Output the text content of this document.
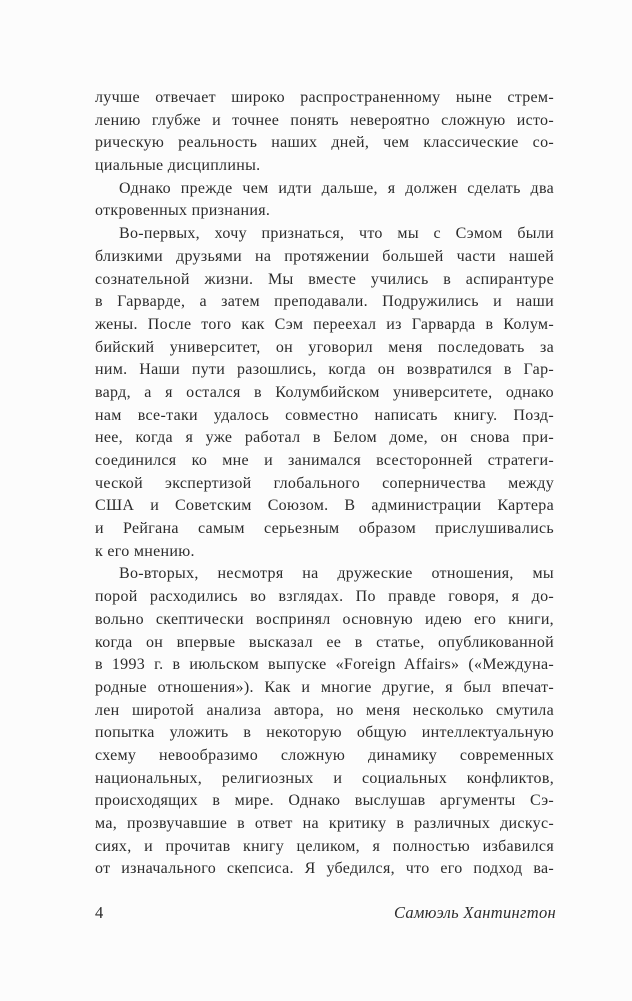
лучше отвечает широко распространенному ныне стрем-
лению глубже и точнее понять невероятно сложную исто-
рическую реальность наших дней, чем классические со-
циальные дисциплины.
Однако прежде чем идти дальше, я должен сделать два
откровенных признания.
Во-первых, хочу признаться, что мы с Сэмом были
близкими друзьями на протяжении большей части нашей
сознательной жизни. Мы вместе учились в аспирантуре
в Гарварде, а затем преподавали. Подружились и наши
жены. После того как Сэм переехал из Гарварда в Колум-
бийский университет, он уговорил меня последовать за
ним. Наши пути разошлись, когда он возвратился в Гар-
вард, а я остался в Колумбийском университете, однако
нам все-таки удалось совместно написать книгу. Позд-
нее, когда я уже работал в Белом доме, он снова при-
соединился ко мне и занимался всесторонней стратеги-
ческой экспертизой глобального соперничества между
США и Советским Союзом. В администрации Картера
и Рейгана самым серьезным образом прислушивались
к его мнению.
Во-вторых, несмотря на дружеские отношения, мы
порой расходились во взглядах. По правде говоря, я до-
вольно скептически воспринял основную идею его книги,
когда он впервые высказал ее в статье, опубликованной
в 1993 г. в июльском выпуске «Foreign Affairs» («Междуна-
родные отношения»). Как и многие другие, я был впечат-
лен широтой анализа автора, но меня несколько смутила
попытка уложить в некоторую общую интеллектуальную
схему невообразимо сложную динамику современных
национальных, религиозных и социальных конфликтов,
происходящих в мире. Однако выслушав аргументы Сэ-
ма, прозвучавшие в ответ на критику в различных дискус-
сиях, и прочитав книгу целиком, я полностью избавился
от изначального скепсиса. Я убедился, что его подход ва-
4	Самюэль Хантингтон
